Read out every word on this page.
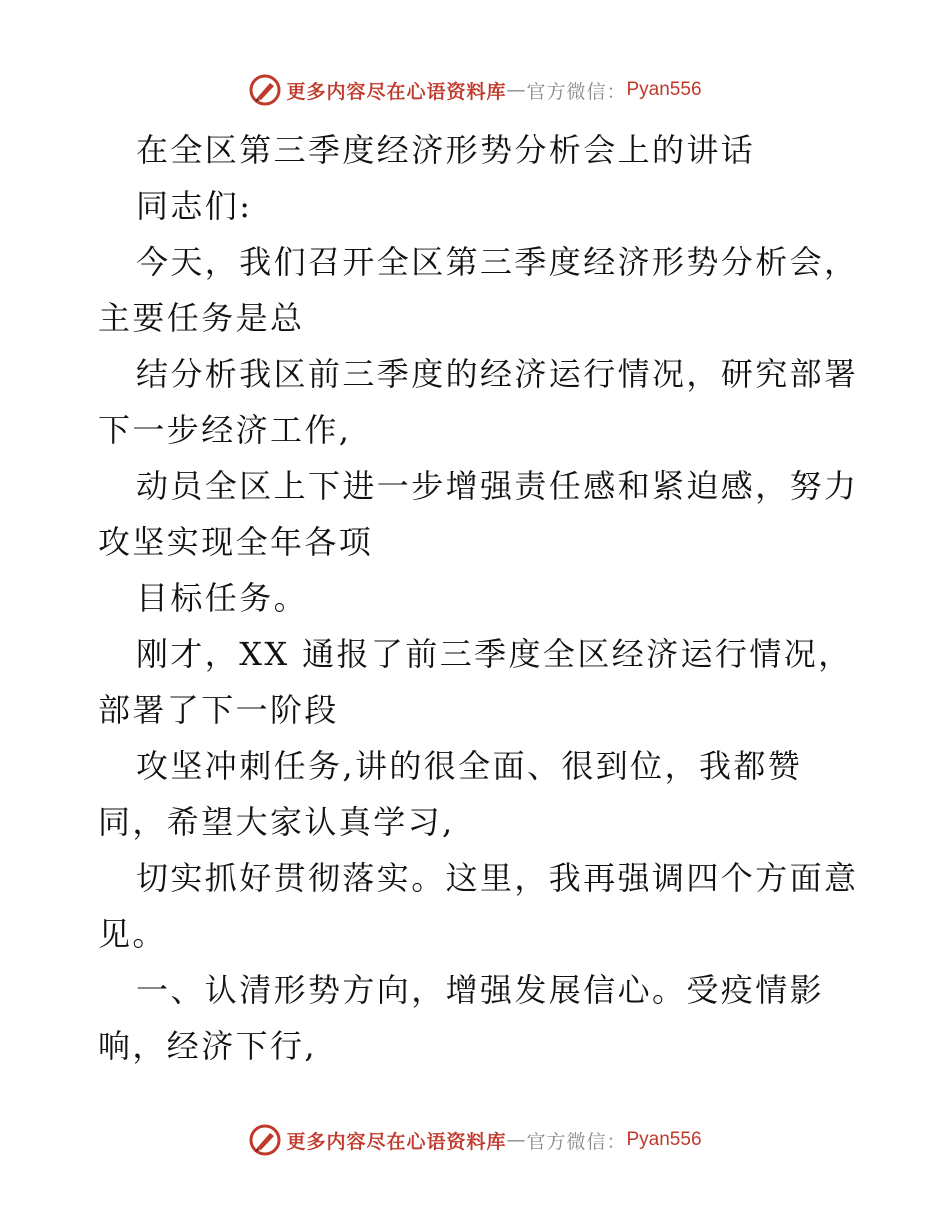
更多内容尽在心语资料库 — 官方微信： Pyan556
在全区第三季度经济形势分析会上的讲话
同志们:
今天，我们召开全区第三季度经济形势分析会，
主要任务是总
结分析我区前三季度的经济运行情况，研究部署
下一步经济工作,
动员全区上下进一步增强责任感和紧迫感，努力
攻坚实现全年各项
目标任务。
刚才，XX 通报了前三季度全区经济运行情况，
部署了下一阶段
攻坚冲刺任务,讲的很全面、很到位，我都赞
同，希望大家认真学习,
切实抓好贯彻落实。这里，我再强调四个方面意
见。
一、认清形势方向，增强发展信心。受疫情影
响，经济下行,
更多内容尽在心语资料库 — 官方微信： Pyan556
